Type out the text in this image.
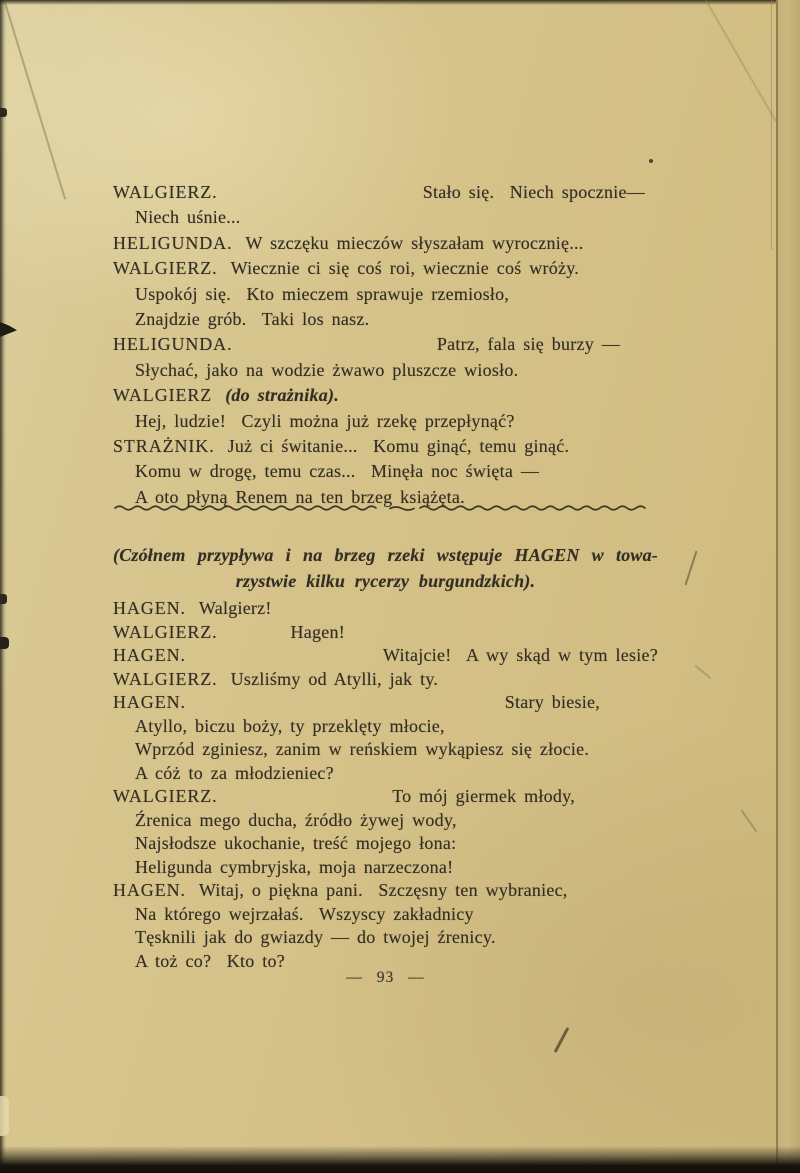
WALGIERZ.	Stało się.  Niech spocznie—
Niech uśnie...
HELIGUNDA. W szczęku mieczów słyszałam wyrocznię...
WALGIERZ. Wiecznie ci się coś roi, wiecznie coś wróży.
Uspokój się.  Kto mieczem sprawuje rzemiosło,
Znajdzie grób.  Taki los nasz.
HELIGUNDA.	Patrz, fala się burzy —
Słychać, jako na wodzie żwawo pluszcze wiosło.
WALGIERZ (do strażnika).
Hej, ludzie!  Czyli można już rzekę przepłynąć?
STRAŻNIK. Już ci świtanie...  Komu ginąć, temu ginąć.
Komu w drogę, temu czas...  Minęła noc święta —
A oto płyną Renem na ten brzeg książęta.
(Czółnem przypływa i na brzeg rzeki wstępuje HAGEN w towa-
rzystwie kilku rycerzy burgundzkich).
HAGEN. Walgierz!
WALGIERZ.	Hagen!
HAGEN.	Witajcie!  A wy skąd w tym lesie?
WALGIERZ. Uszliśmy od Atylli, jak ty.
HAGEN.	Stary biesie,
Atyllo, biczu boży, ty przeklęty młocie,
Wprzód zginiesz, zanim w reńskiem wykąpiesz się złocie.
A cóż to za młodzieniec?
WALGIERZ.	To mój giermek młody,
Źrenica mego ducha, źródło żywej wody,
Najsłodsze ukochanie, treść mojego łona:
Heligunda cymbryjska, moja narzeczona!
HAGEN. Witaj, o piękna pani.  Szczęsny ten wybraniec,
Na którego wejrzałaś.  Wszyscy zakładnicy
Tęsknili jak do gwiazdy — do twojej źrenicy.
A toż co?  Kto to?
— 93 —
